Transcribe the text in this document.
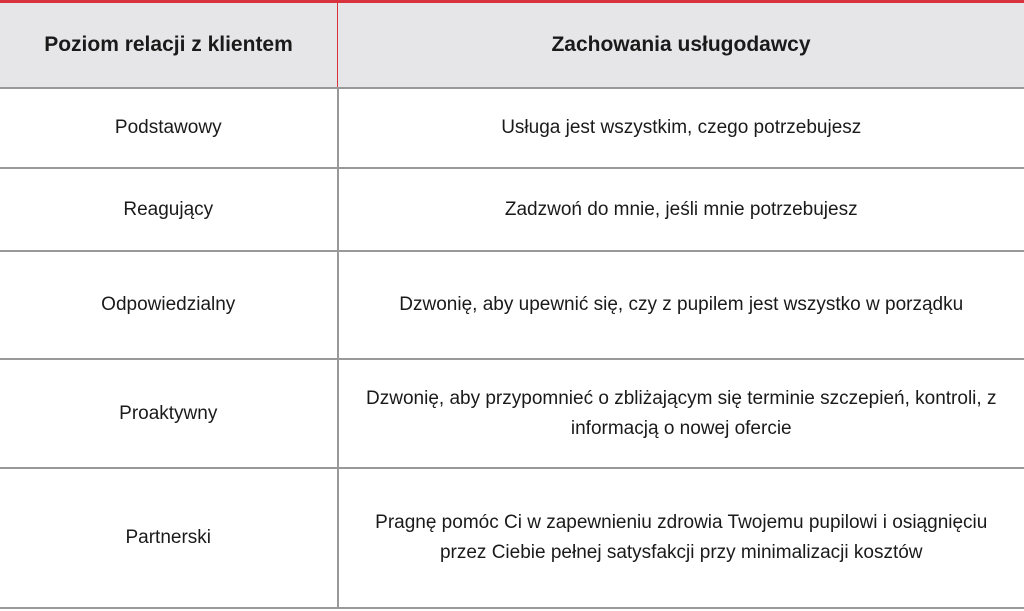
Poziom relacji z klientem	Zachowania usługodawcy
Podstawowy	Usługa jest wszystkim, czego potrzebujesz
Reagujący	Zadzwoń do mnie, jeśli mnie potrzebujesz
Odpowiedzialny	Dzwonię, aby upewnić się, czy z pupilem jest wszystko w porządku
Proaktywny	Dzwonię, aby przypomnieć o zbliżającym się terminie szczepień, kontroli, z informacją o nowej ofercie
Partnerski	Pragnę pomóc Ci w zapewnieniu zdrowia Twojemu pupilowi i osiągnięciu przez Ciebie pełnej satysfakcji przy minimalizacji kosztów
